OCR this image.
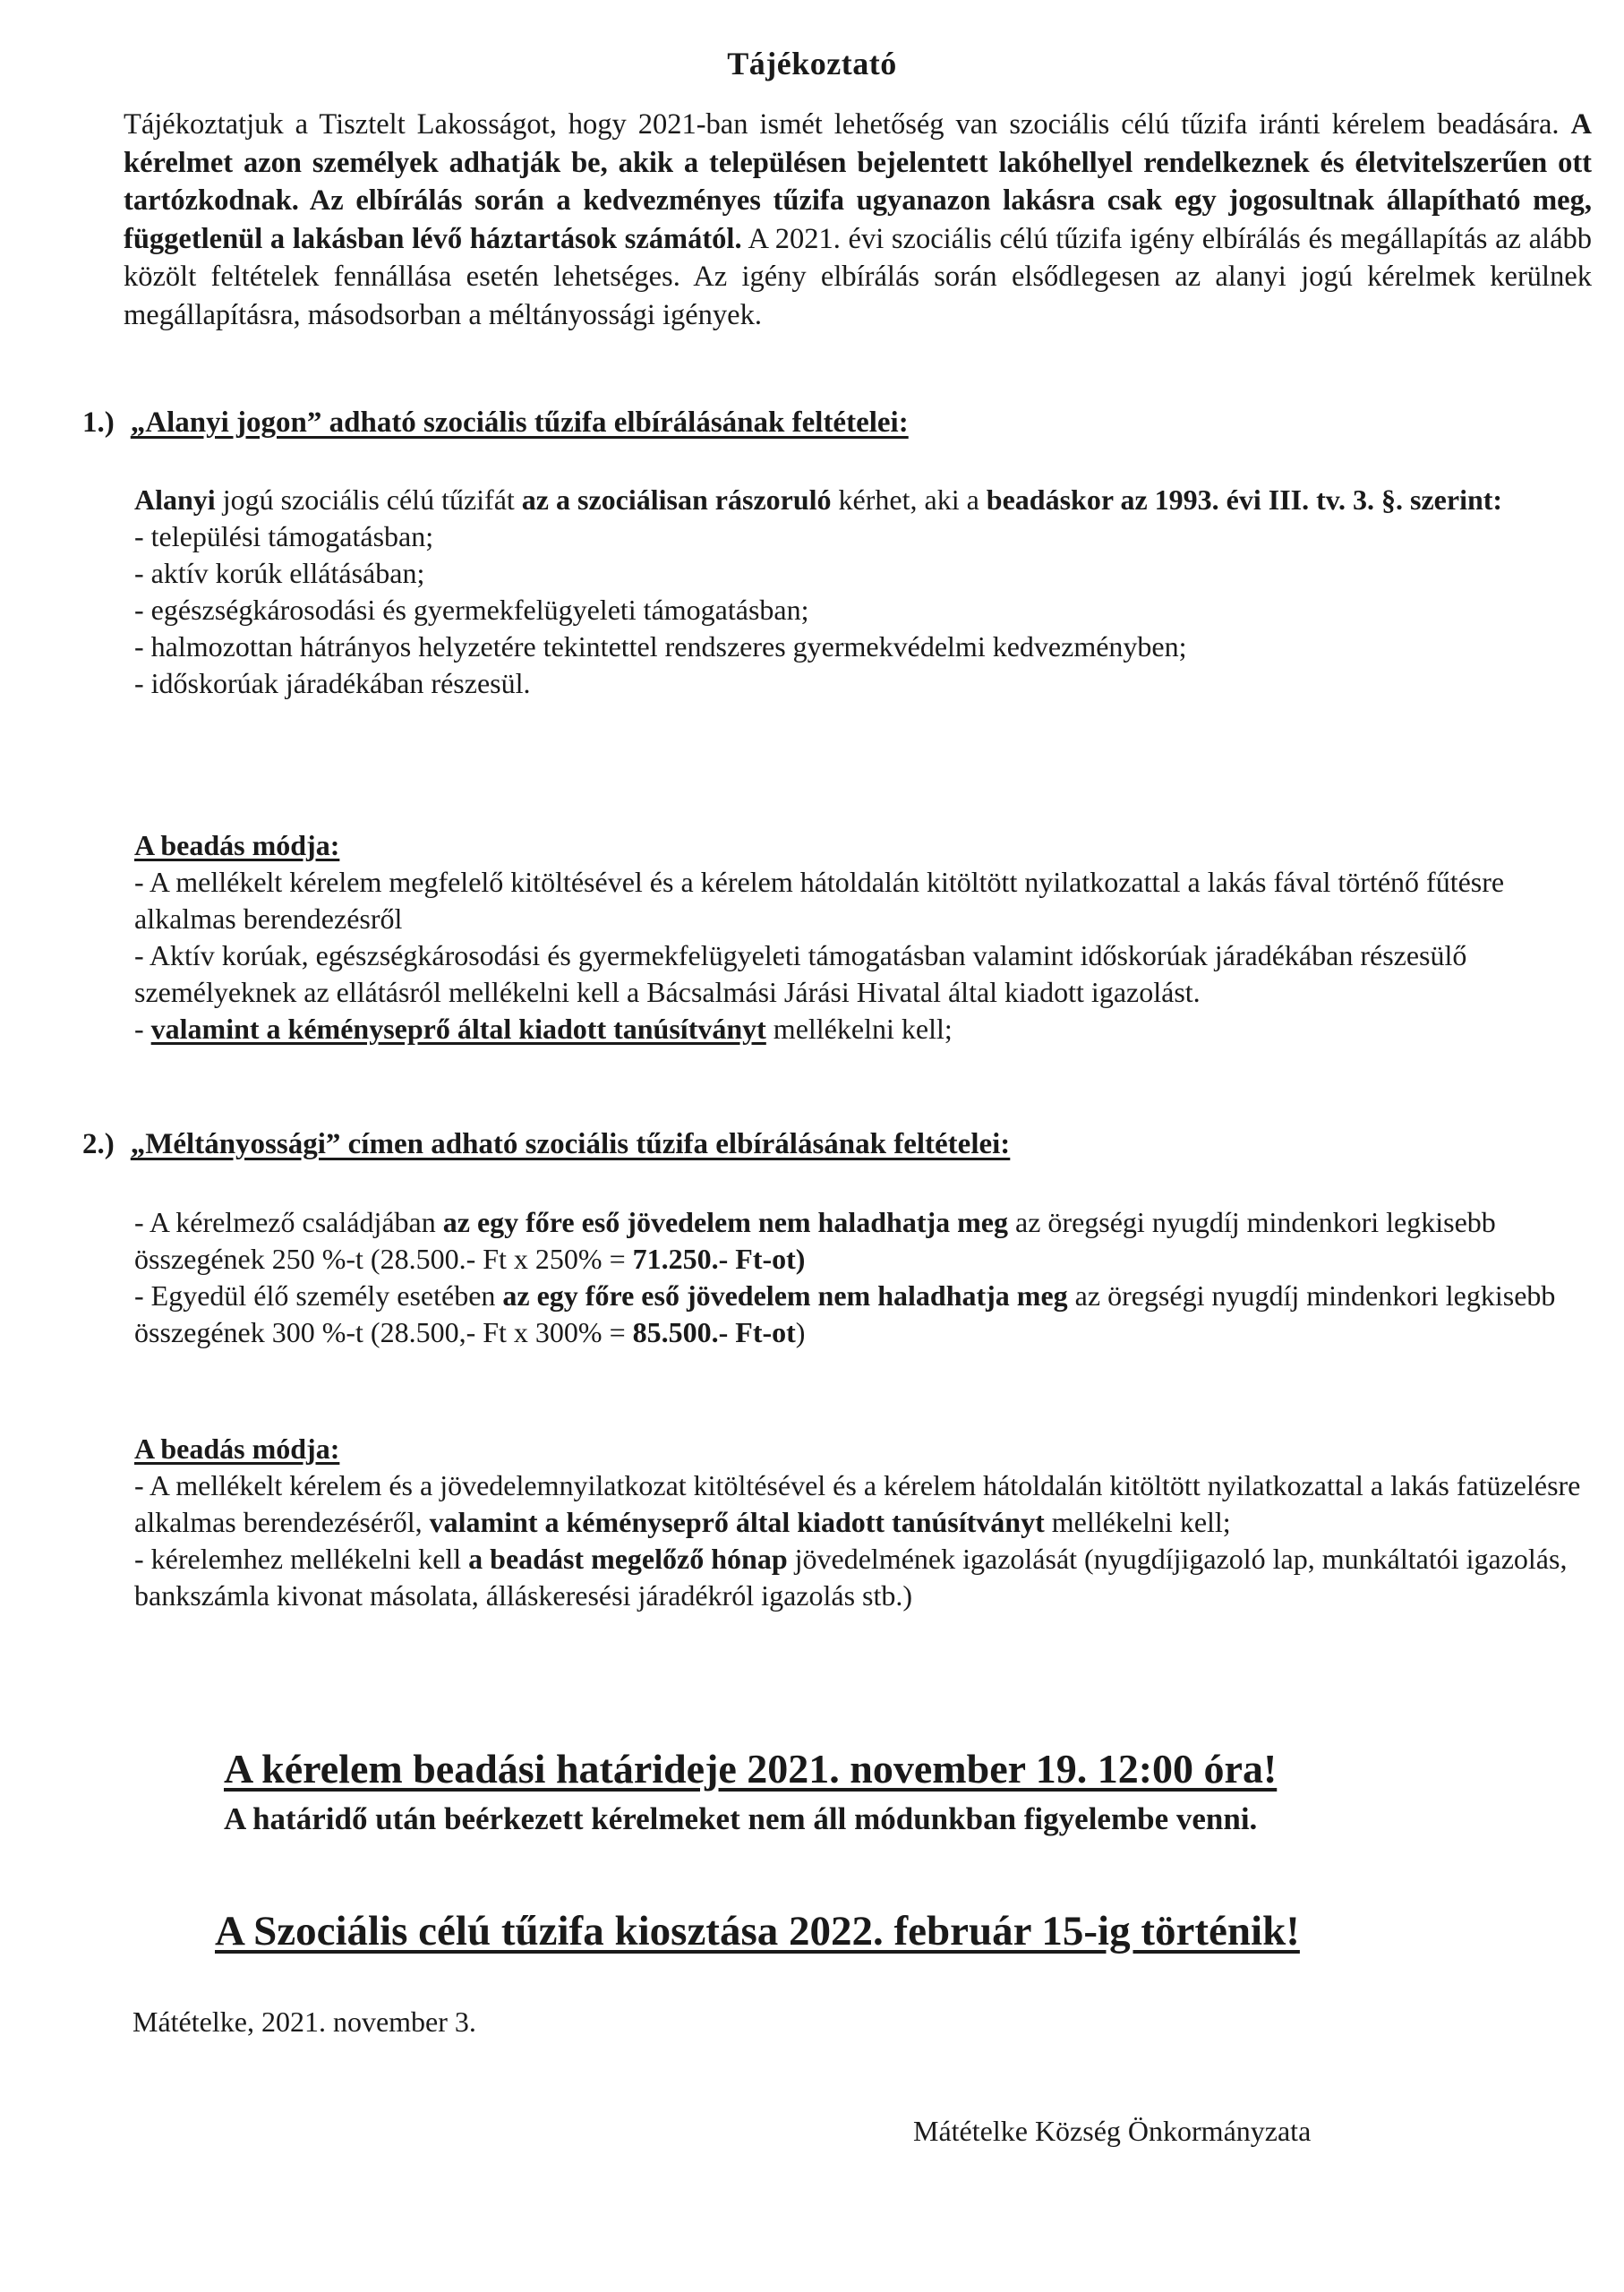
Tájékoztató

Tájékoztatjuk a Tisztelt Lakosságot, hogy 2021-ban ismét lehetőség van szociális célú tűzifa iránti kérelem beadására. A kérelmet azon személyek adhatják be, akik a településen bejelentett lakóhellyel rendelkeznek és életvitelszerűen ott tartózkodnak. Az elbírálás során a kedvezményes tűzifa ugyanazon lakásra csak egy jogosultnak állapítható meg, függetlenül a lakásban lévő háztartások számától. A 2021. évi szociális célú tűzifa igény elbírálás és megállapítás az alább közölt feltételek fennállása esetén lehetséges. Az igény elbírálás során elsődlegesen az alanyi jogú kérelmek kerülnek megállapításra, másodsorban a méltányossági igények.

1.) „Alanyi jogon” adható szociális tűzifa elbírálásának feltételei:

Alanyi jogú szociális célú tűzifát az a szociálisan rászoruló kérhet, aki a beadáskor az 1993. évi III. tv. 3. §. szerint:

- települési támogatásban;

- aktív korúk ellátásában;

- egészségkárosodási és gyermekfelügyeleti támogatásban;

- halmozottan hátrányos helyzetére tekintettel rendszeres gyermekvédelmi kedvezményben;

- időskorúak járadékában részesül.

A beadás módja:

- A mellékelt kérelem megfelelő kitöltésével és a kérelem hátoldalán kitöltött nyilatkozattal a lakás fával történő fűtésre alkalmas berendezésről

- Aktív korúak, egészségkárosodási és gyermekfelügyeleti támogatásban valamint időskorúak járadékában részesülő személyeknek az ellátásról mellékelni kell a Bácsalmási Járási Hivatal által kiadott igazolást.

- valamint a kéményseprő által kiadott tanúsítványt mellékelni kell;

2.) „Méltányossági” címen adható szociális tűzifa elbírálásának feltételei:

- A kérelmező családjában az egy főre eső jövedelem nem haladhatja meg az öregségi nyugdíj mindenkori legkisebb összegének 250 %-t (28.500.- Ft x 250% = 71.250.- Ft-ot)

- Egyedül élő személy esetében az egy főre eső jövedelem nem haladhatja meg az öregségi nyugdíj mindenkori legkisebb összegének 300 %-t (28.500,- Ft x 300% = 85.500.- Ft-ot)

A beadás módja:

- A mellékelt kérelem és a jövedelemnyilatkozat kitöltésével és a kérelem hátoldalán kitöltött nyilatkozattal a lakás fatüzelésre alkalmas berendezéséről, valamint a kéményseprő által kiadott tanúsítványt mellékelni kell;

- kérelemhez mellékelni kell a beadást megelőző hónap jövedelmének igazolását (nyugdíjigazoló lap, munkáltatói igazolás, bankszámla kivonat másolata, álláskeresési járadékról igazolás stb.)

A kérelem beadási határideje 2021. november 19. 12:00 óra!
A határidő után beérkezett kérelmeket nem áll módunkban figyelembe venni.
A Szociális célú tűzifa kiosztása 2022. február 15-ig történik!
Mátételke, 2021. november 3.
Mátételke Község Önkormányzata
